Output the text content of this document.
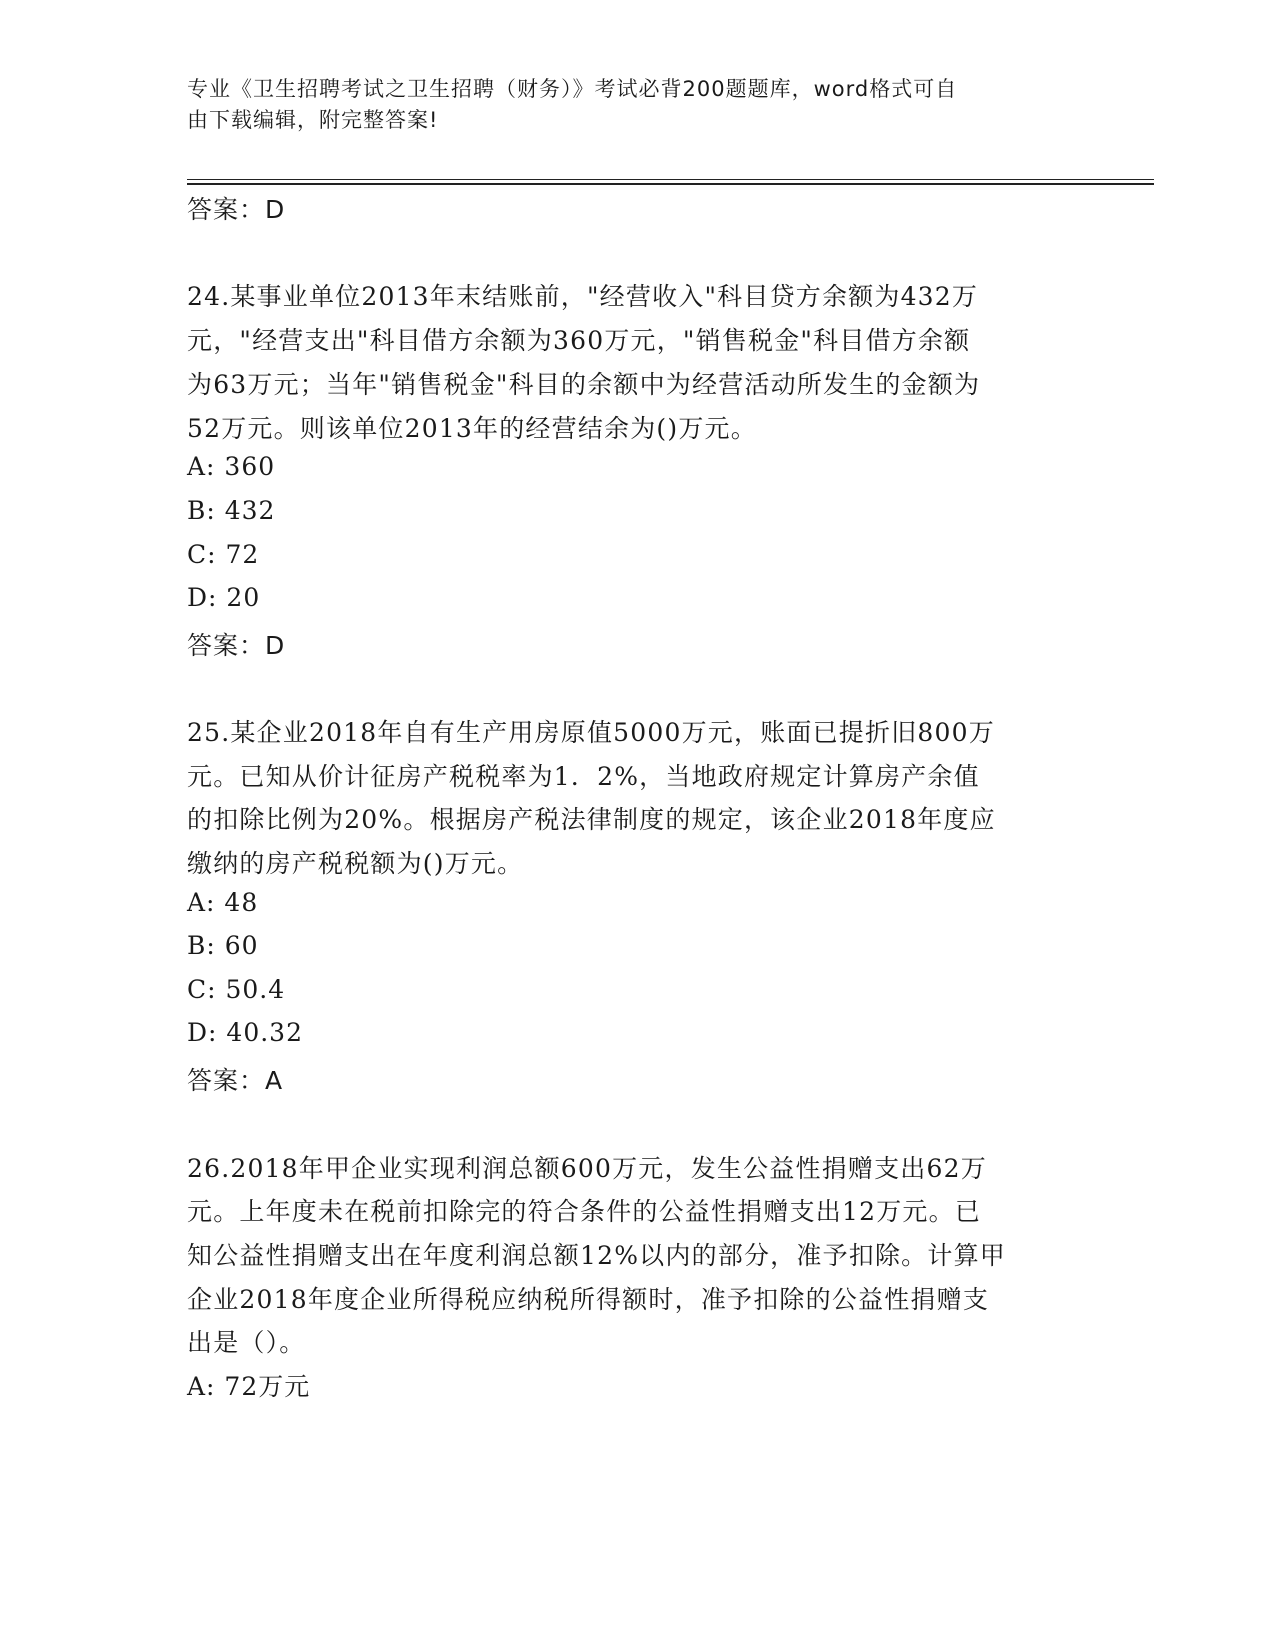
专业《卫生招聘考试之卫生招聘（财务）》考试必背200题题库，word格式可自
由下载编辑，附完整答案!
答案：D
24.某事业单位2013年末结账前，"经营收入"科目贷方余额为432万
元，"经营支出"科目借方余额为360万元，"销售税金"科目借方余额
为63万元；当年"销售税金"科目的余额中为经营活动所发生的金额为
52万元。则该单位2013年的经营结余为()万元。
A: 360
B: 432
C: 72
D: 20
答案：D
25.某企业2018年自有生产用房原值5000万元，账面已提折旧800万
元。已知从价计征房产税税率为1．2%，当地政府规定计算房产余值
的扣除比例为20%。根据房产税法律制度的规定，该企业2018年度应
缴纳的房产税税额为()万元。
A: 48
B: 60
C: 50.4
D: 40.32
答案：A
26.2018年甲企业实现利润总额600万元，发生公益性捐赠支出62万
元。上年度未在税前扣除完的符合条件的公益性捐赠支出12万元。已
知公益性捐赠支出在年度利润总额12%以内的部分，准予扣除。计算甲
企业2018年度企业所得税应纳税所得额时，准予扣除的公益性捐赠支
出是（）。
A: 72万元
